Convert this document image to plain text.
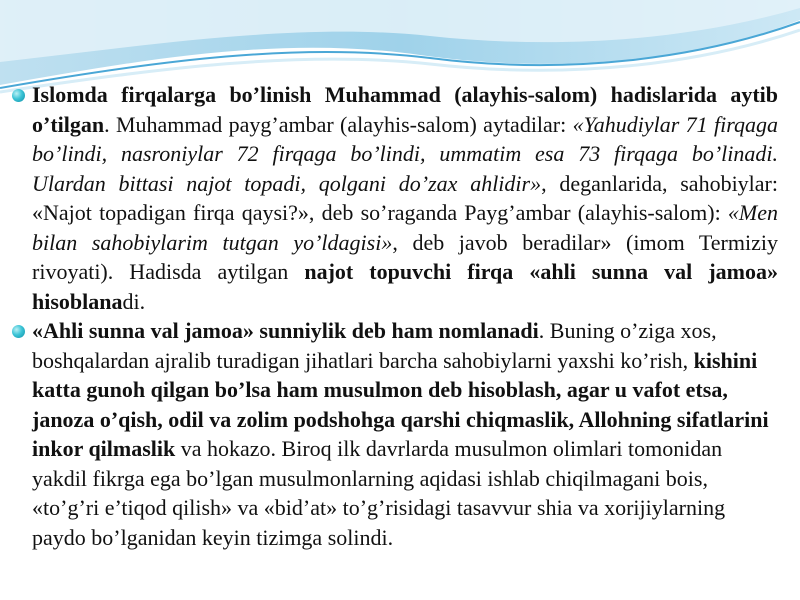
Islomda firqalarga bo’linish Muhammad (alayhis-salom) hadislarida aytib o’tilgan. Muhammad payg’ambar (alayhis-salom) aytadilar: «Yahudiylar 71 firqaga bo’lindi, nasroniylar 72 firqaga bo’lindi, ummatim esa 73 firqaga bo’linadi. Ulardan bittasi najot topadi, qolgani do’zax ahlidir», deganlarida, sahobiylar: «Najot topadigan firqa qaysi?», deb so’raganda Payg’ambar (alayhis-salom): «Men bilan sahobiylarim tutgan yo’ldagisi», deb javob beradilar» (imom Termiziy rivoyati). Hadisda aytilgan najot topuvchi firqa «ahli sunna val jamoa» hisoblanadi.

«Ahli sunna val jamoa» sunniylik deb ham nomlanadi. Buning o’ziga xos, boshqalardan ajralib turadigan jihatlari barcha sahobiylarni yaxshi ko’rish, kishini katta gunoh qilgan bo’lsa ham musulmon deb hisoblash, agar u vafot etsa, janoza o’qish, odil va zolim podshohga qarshi chiqmaslik, Allohning sifatlarini inkor qilmaslik va hokazo. Biroq ilk davrlarda musulmon olimlari tomonidan yakdil fikrga ega bo’lgan musulmonlarning aqidasi ishlab chiqilmagani bois, «to’g’ri e’tiqod qilish» va «bid’at» to’g’risidagi tasavvur shia va xorijiylarning paydo bo’lganidan keyin tizimga solindi.
